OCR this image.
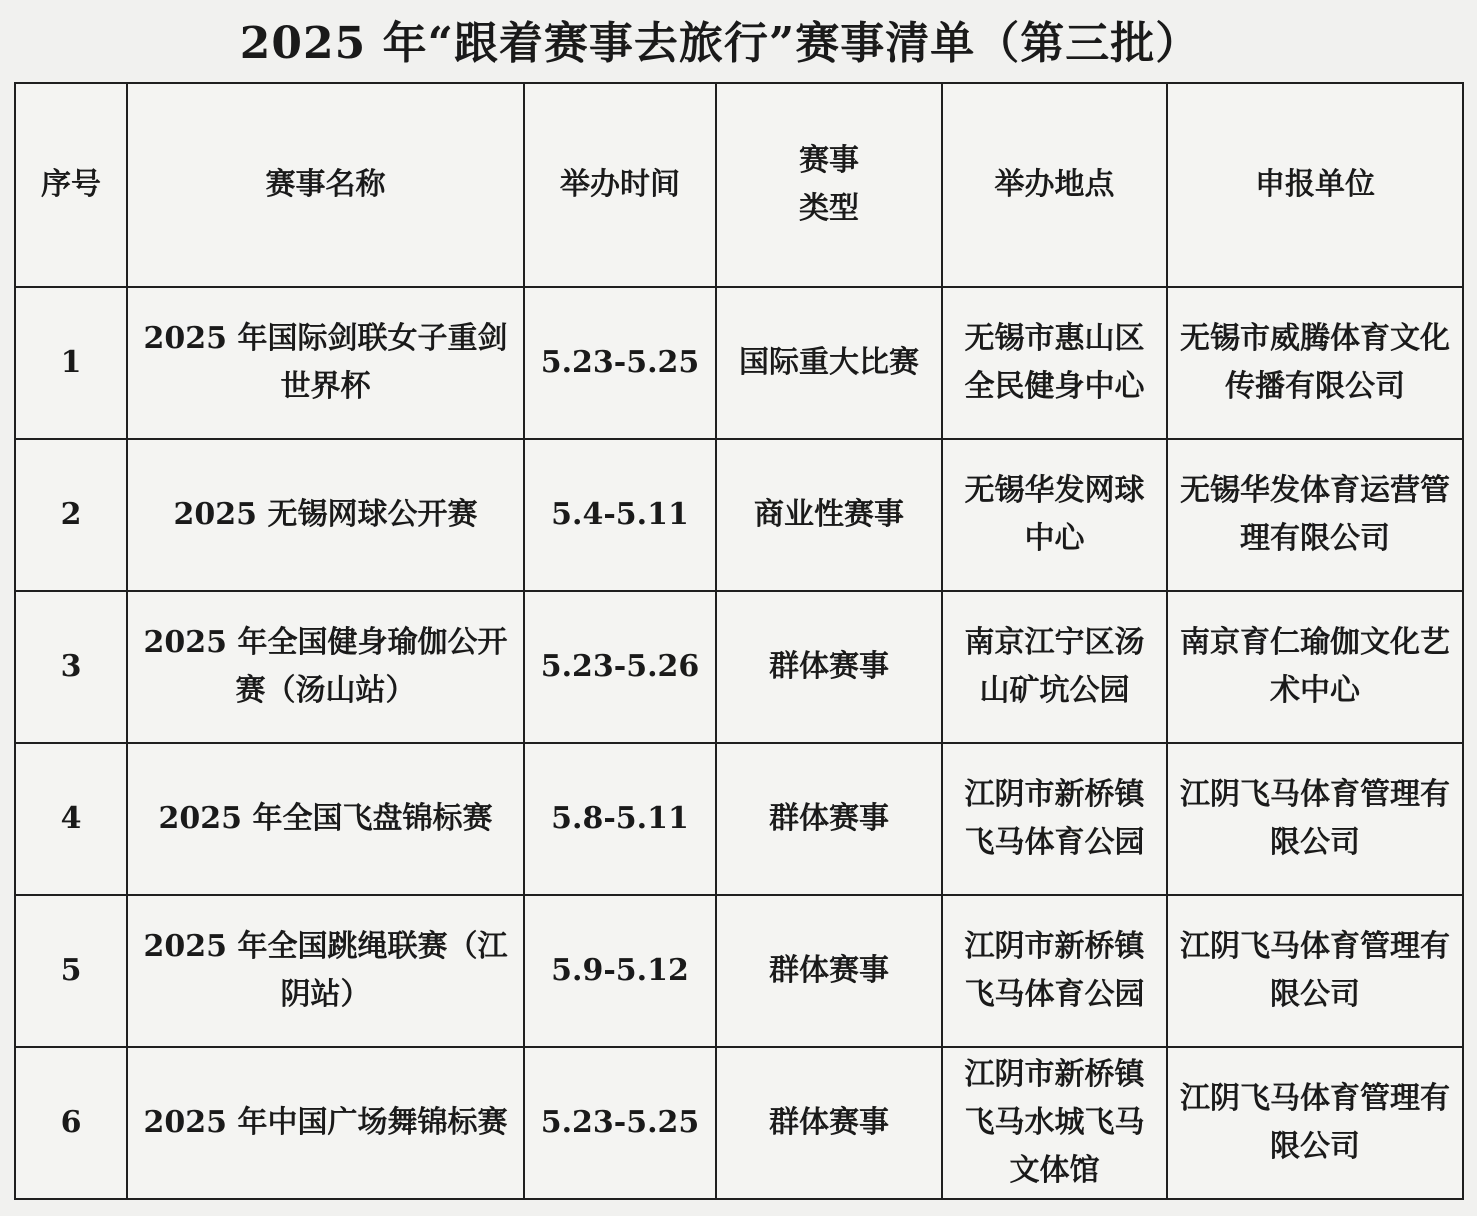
2025 年“跟着赛事去旅行”赛事清单（第三批）
序号	赛事名称	举办时间	赛事类型	举办地点	申报单位
1	2025 年国际剑联女子重剑世界杯	5.23-5.25	国际重大比赛	无锡市惠山区全民健身中心	无锡市威腾体育文化传播有限公司
2	2025 无锡网球公开赛	5.4-5.11	商业性赛事	无锡华发网球中心	无锡华发体育运营管理有限公司
3	2025 年全国健身瑜伽公开赛（汤山站）	5.23-5.26	群体赛事	南京江宁区汤山矿坑公园	南京育仁瑜伽文化艺术中心
4	2025 年全国飞盘锦标赛	5.8-5.11	群体赛事	江阴市新桥镇飞马体育公园	江阴飞马体育管理有限公司
5	2025 年全国跳绳联赛（江阴站）	5.9-5.12	群体赛事	江阴市新桥镇飞马体育公园	江阴飞马体育管理有限公司
6	2025 年中国广场舞锦标赛	5.23-5.25	群体赛事	江阴市新桥镇飞马水城飞马文体馆	江阴飞马体育管理有限公司
